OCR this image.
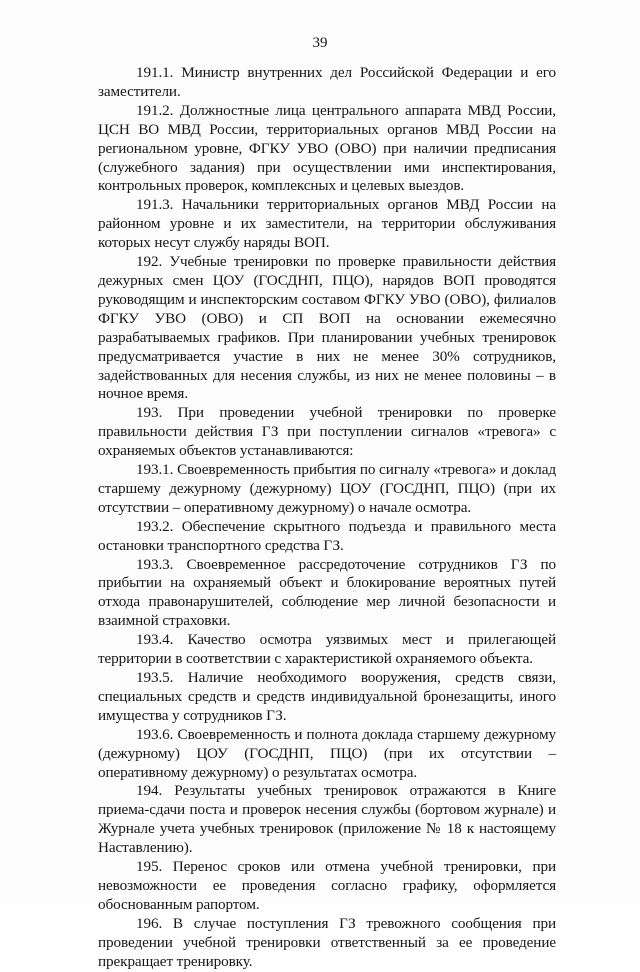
39

191.1. Министр внутренних дел Российской Федерации и его заместители.

191.2. Должностные лица центрального аппарата МВД России, ЦСН ВО МВД России, территориальных органов МВД России на региональном уровне, ФГКУ УВО (ОВО) при наличии предписания (служебного задания) при осуществлении ими инспектирования, контрольных проверок, комплексных и целевых выездов.

191.3. Начальники территориальных органов МВД России на районном уровне и их заместители, на территории обслуживания которых несут службу наряды ВОП.

192. Учебные тренировки по проверке правильности действия дежурных смен ЦОУ (ГОСДНП, ПЦО), нарядов ВОП проводятся руководящим и инспекторским составом ФГКУ УВО (ОВО), филиалов ФГКУ УВО (ОВО) и СП ВОП на основании ежемесячно разрабатываемых графиков. При планировании учебных тренировок предусматривается участие в них не менее 30% сотрудников, задействованных для несения службы, из них не менее половины – в ночное время.

193. При проведении учебной тренировки по проверке правильности действия ГЗ при поступлении сигналов «тревога» с охраняемых объектов устанавливаются:

193.1. Своевременность прибытия по сигналу «тревога» и доклад старшему дежурному (дежурному) ЦОУ (ГОСДНП, ПЦО) (при их отсутствии – оперативному дежурному) о начале осмотра.

193.2. Обеспечение скрытного подъезда и правильного места остановки транспортного средства ГЗ.

193.3. Своевременное рассредоточение сотрудников ГЗ по прибытии на охраняемый объект и блокирование вероятных путей отхода правонарушителей, соблюдение мер личной безопасности и взаимной страховки.

193.4. Качество осмотра уязвимых мест и прилегающей территории в соответствии с характеристикой охраняемого объекта.

193.5. Наличие необходимого вооружения, средств связи, специальных средств и средств индивидуальной бронезащиты, иного имущества у сотрудников ГЗ.

193.6. Своевременность и полнота доклада старшему дежурному (дежурному) ЦОУ (ГОСДНП, ПЦО) (при их отсутствии – оперативному дежурному) о результатах осмотра.

194. Результаты учебных тренировок отражаются в Книге приема-сдачи поста и проверок несения службы (бортовом журнале) и Журнале учета учебных тренировок (приложение № 18 к настоящему Наставлению).

195. Перенос сроков или отмена учебной тренировки, при невозможности ее проведения согласно графику, оформляется обоснованным рапортом.

196. В случае поступления ГЗ тревожного сообщения при проведении учебной тренировки ответственный за ее проведение прекращает тренировку.
